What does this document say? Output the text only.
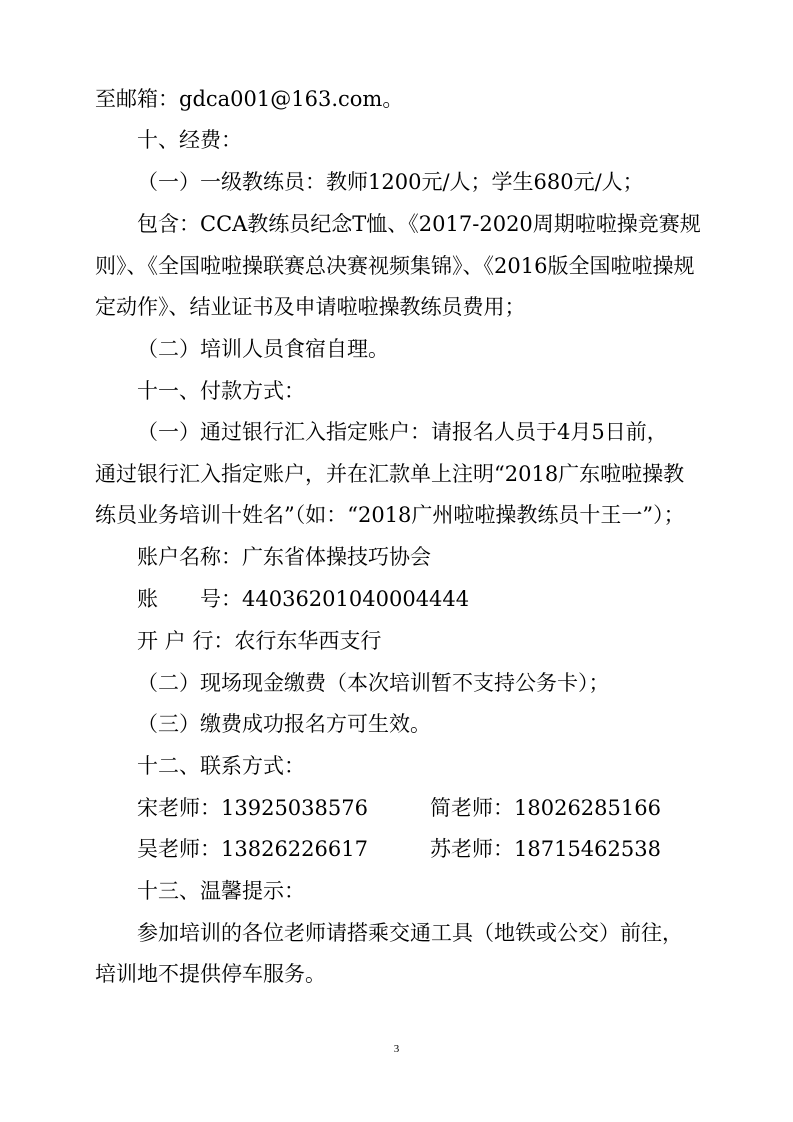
至邮箱：gdca001@163.com。
十、经费：
（一）一级教练员：教师1200元/人；学生680元/人；
包含：CCA教练员纪念T恤、《2017-2020周期啦啦操竞赛规
则》、《全国啦啦操联赛总决赛视频集锦》、《2016版全国啦啦操规
定动作》、结业证书及申请啦啦操教练员费用；
（二）培训人员食宿自理。
十一、付款方式：
（一）通过银行汇入指定账户：请报名人员于4月5日前，
通过银行汇入指定账户，并在汇款单上注明“2018广东啦啦操教
练员业务培训十姓名”（如：“2018广州啦啦操教练员十王一”）；
账户名称：广东省体操技巧协会
账　　号：44036201040004444
开 户 行：农行东华西支行
（二）现场现金缴费（本次培训暂不支持公务卡）；
（三）缴费成功报名方可生效。
十二、联系方式：
宋老师：13925038576	简老师：18026285166
吴老师：13826226617	苏老师：18715462538
十三、温馨提示：
参加培训的各位老师请搭乘交通工具（地铁或公交）前往，
培训地不提供停车服务。
3
